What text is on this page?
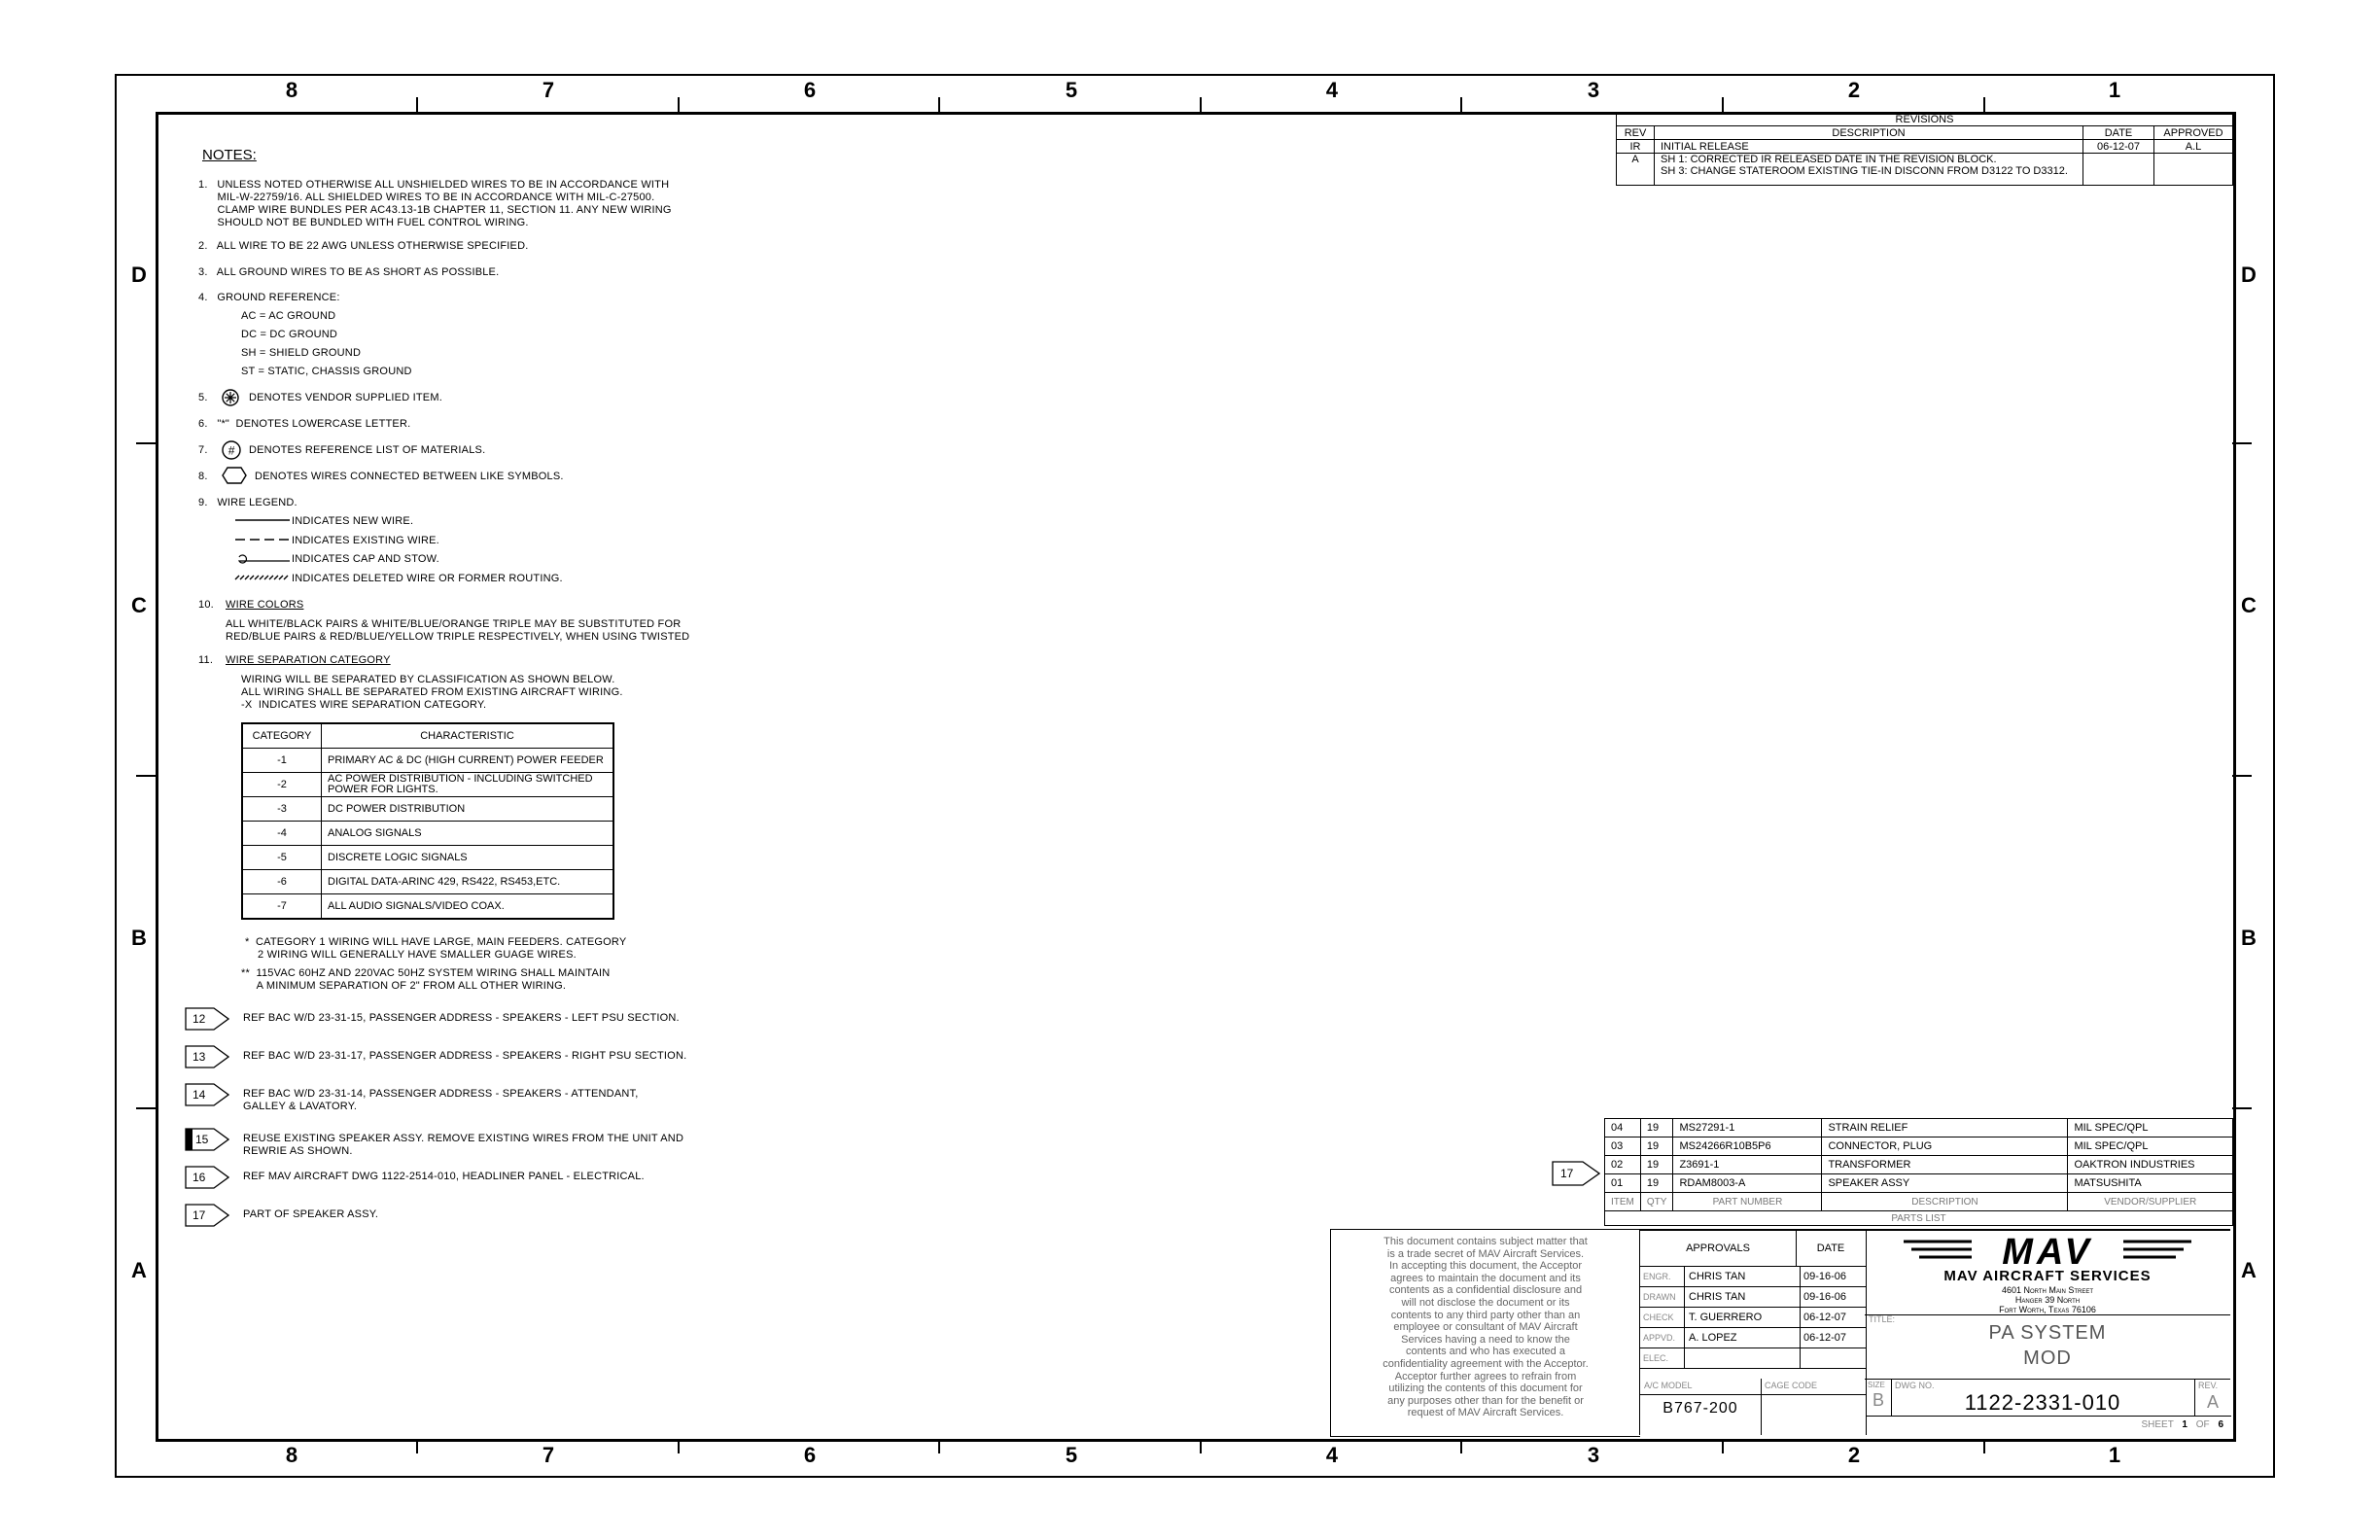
8	7	6	5	4	3	2	1
8	7	6	5	4	3	2	1
D
C
B
A
D
C
B
A
REVISIONS			
REV	DESCRIPTION	DATE	APPROVED
IR	INITIAL RELEASE	06-12-07	A.L
A	SH 1: CORRECTED IR RELEASED DATE IN THE REVISION BLOCK.
SH 3: CHANGE STATEROOM EXISTING TIE-IN DISCONN FROM D3122 TO D3312.		
NOTES:
1.   UNLESS NOTED OTHERWISE ALL UNSHIELDED WIRES TO BE IN ACCORDANCE WITH
MIL-W-22759/16. ALL SHIELDED WIRES TO BE IN ACCORDANCE WITH MIL-C-27500.
CLAMP WIRE BUNDLES PER AC43.13-1B CHAPTER 11, SECTION 11. ANY NEW WIRING
SHOULD NOT BE BUNDLED WITH FUEL CONTROL WIRING.
2.   ALL WIRE TO BE 22 AWG UNLESS OTHERWISE SPECIFIED.
3.   ALL GROUND WIRES TO BE AS SHORT AS POSSIBLE.
4.   GROUND REFERENCE:
AC = AC GROUND
DC = DC GROUND
SH = SHIELD GROUND
ST = STATIC, CHASSIS GROUND
5.	DENOTES VENDOR SUPPLIED ITEM.
6.   "*"  DENOTES LOWERCASE LETTER.
7. # DENOTES REFERENCE LIST OF MATERIALS.
8.	DENOTES WIRES CONNECTED BETWEEN LIKE SYMBOLS.
9.   WIRE LEGEND.
INDICATES NEW WIRE.
INDICATES EXISTING WIRE.
INDICATES CAP AND STOW.
INDICATES DELETED WIRE OR FORMER ROUTING.
10. WIRE COLORS
ALL WHITE/BLACK PAIRS & WHITE/BLUE/ORANGE TRIPLE MAY BE SUBSTITUTED FOR
RED/BLUE PAIRS & RED/BLUE/YELLOW TRIPLE RESPECTIVELY, WHEN USING TWISTED
11. WIRE SEPARATION CATEGORY
WIRING WILL BE SEPARATED BY CLASSIFICATION AS SHOWN BELOW.
ALL WIRING SHALL BE SEPARATED FROM EXISTING AIRCRAFT WIRING.
-X  INDICATES WIRE SEPARATION CATEGORY.
CATEGORY	CHARACTERISTIC
-1	PRIMARY AC & DC (HIGH CURRENT) POWER FEEDER
-2	AC POWER DISTRIBUTION - INCLUDING SWITCHED
POWER FOR LIGHTS.
-3	DC POWER DISTRIBUTION
-4	ANALOG SIGNALS
-5	DISCRETE LOGIC SIGNALS
-6	DIGITAL DATA-ARINC 429, RS422, RS453,ETC.
-7	ALL AUDIO SIGNALS/VIDEO COAX.
*  CATEGORY 1 WIRING WILL HAVE LARGE, MAIN FEEDERS. CATEGORY
2 WIRING WILL GENERALLY HAVE SMALLER GUAGE WIRES.
**  115VAC 60HZ AND 220VAC 50HZ SYSTEM WIRING SHALL MAINTAIN
A MINIMUM SEPARATION OF 2" FROM ALL OTHER WIRING.
12	REF BAC W/D 23-31-15, PASSENGER ADDRESS - SPEAKERS - LEFT PSU SECTION.
13	REF BAC W/D 23-31-17, PASSENGER ADDRESS - SPEAKERS - RIGHT PSU SECTION.
14	REF BAC W/D 23-31-14, PASSENGER ADDRESS - SPEAKERS - ATTENDANT,
GALLEY & LAVATORY.
15	REUSE EXISTING SPEAKER ASSY. REMOVE EXISTING WIRES FROM THE UNIT AND
REWRIE AS SHOWN.
16	REF MAV AIRCRAFT DWG 1122-2514-010, HEADLINER PANEL - ELECTRICAL.
17	PART OF SPEAKER ASSY.
17
04	19	MS27291-1	STRAIN RELIEF	MIL SPEC/QPL
03	19	MS24266R10B5P6	CONNECTOR, PLUG	MIL SPEC/QPL
02	19	Z3691-1	TRANSFORMER	OAKTRON INDUSTRIES
01	19	RDAM8003-A	SPEAKER ASSY	MATSUSHITA
ITEM	QTY	PART NUMBER	DESCRIPTION	VENDOR/SUPPLIER
PARTS LIST				
This document contains subject matter that
is a trade secret of MAV Aircraft Services.
In accepting this document, the Acceptor
agrees to maintain the document and its
contents as a confidential disclosure and
will not disclose the document or its
contents to any third party other than an
employee or consultant of MAV Aircraft
Services having a need to know the
contents and who has executed a
confidentiality agreement with the Acceptor.
Acceptor further agrees to refrain from
utilizing the contents of this document for
any purposes other than for the benefit or
request of MAV Aircraft Services.
APPROVALS	DATE
ENGR.	CHRIS TAN	09-16-06
DRAWN	CHRIS TAN	09-16-06
CHECK	T. GUERRERO	06-12-07
APPVD.	A. LOPEZ	06-12-07
ELEC.
MAV
MAV AIRCRAFT SERVICES
4601 North Main Street
Hanger 39 North
Fort Worth, Texas 76106
TITLE:
PA SYSTEM
MOD
A/C MODEL
B767-200
CAGE CODE	SIZE
B
DWG NO.
1122-2331-010
REV.
A
SHEET 1 OF 6
